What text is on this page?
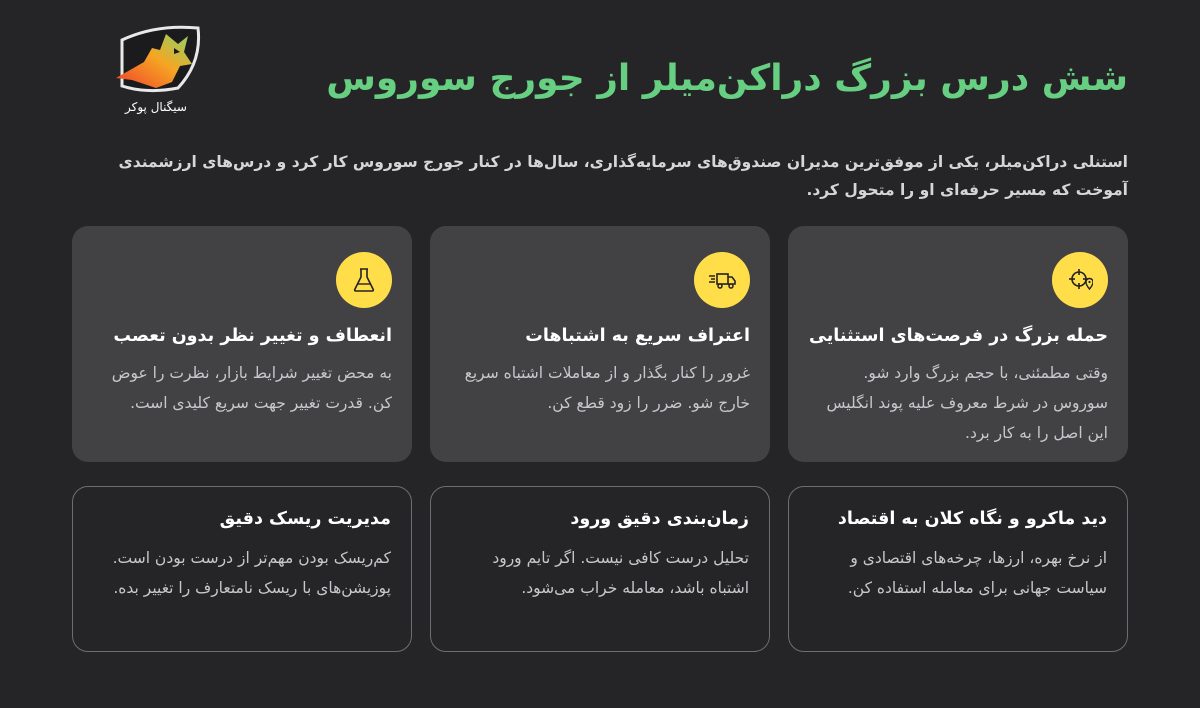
سیگنال پوکر
شش درس بزرگ دراکن‌میلر از جورج سوروس

استنلی دراکن‌میلر، یکی از موفق‌ترین مدیران صندوق‌های سرمایه‌گذاری، سال‌ها در کنار جورج سوروس کار کرد و درس‌های ارزشمندی آموخت که مسیر حرفه‌ای او را متحول کرد.

حمله بزرگ در فرصت‌های استثنایی

وقتی مطمئنی، با حجم بزرگ وارد شو. سوروس در شرط معروف علیه پوند انگلیس این اصل را به کار برد.

اعتراف سریع به اشتباهات

غرور را کنار بگذار و از معاملات اشتباه سریع خارج شو. ضرر را زود قطع کن.

انعطاف و تغییر نظر بدون تعصب

به محض تغییر شرایط بازار، نظرت را عوض کن. قدرت تغییر جهت سریع کلیدی است.

دید ماکرو و نگاه کلان به اقتصاد

از نرخ بهره، ارزها، چرخه‌های اقتصادی و سیاست جهانی برای معامله استفاده کن.

زمان‌بندی دقیق ورود

تحلیل درست کافی نیست. اگر تایم ورود اشتباه باشد، معامله خراب می‌شود.

مدیریت ریسک دقیق

کم‌ریسک بودن مهم‌تر از درست بودن است. پوزیشن‌های با ریسک نامتعارف را تغییر بده.
